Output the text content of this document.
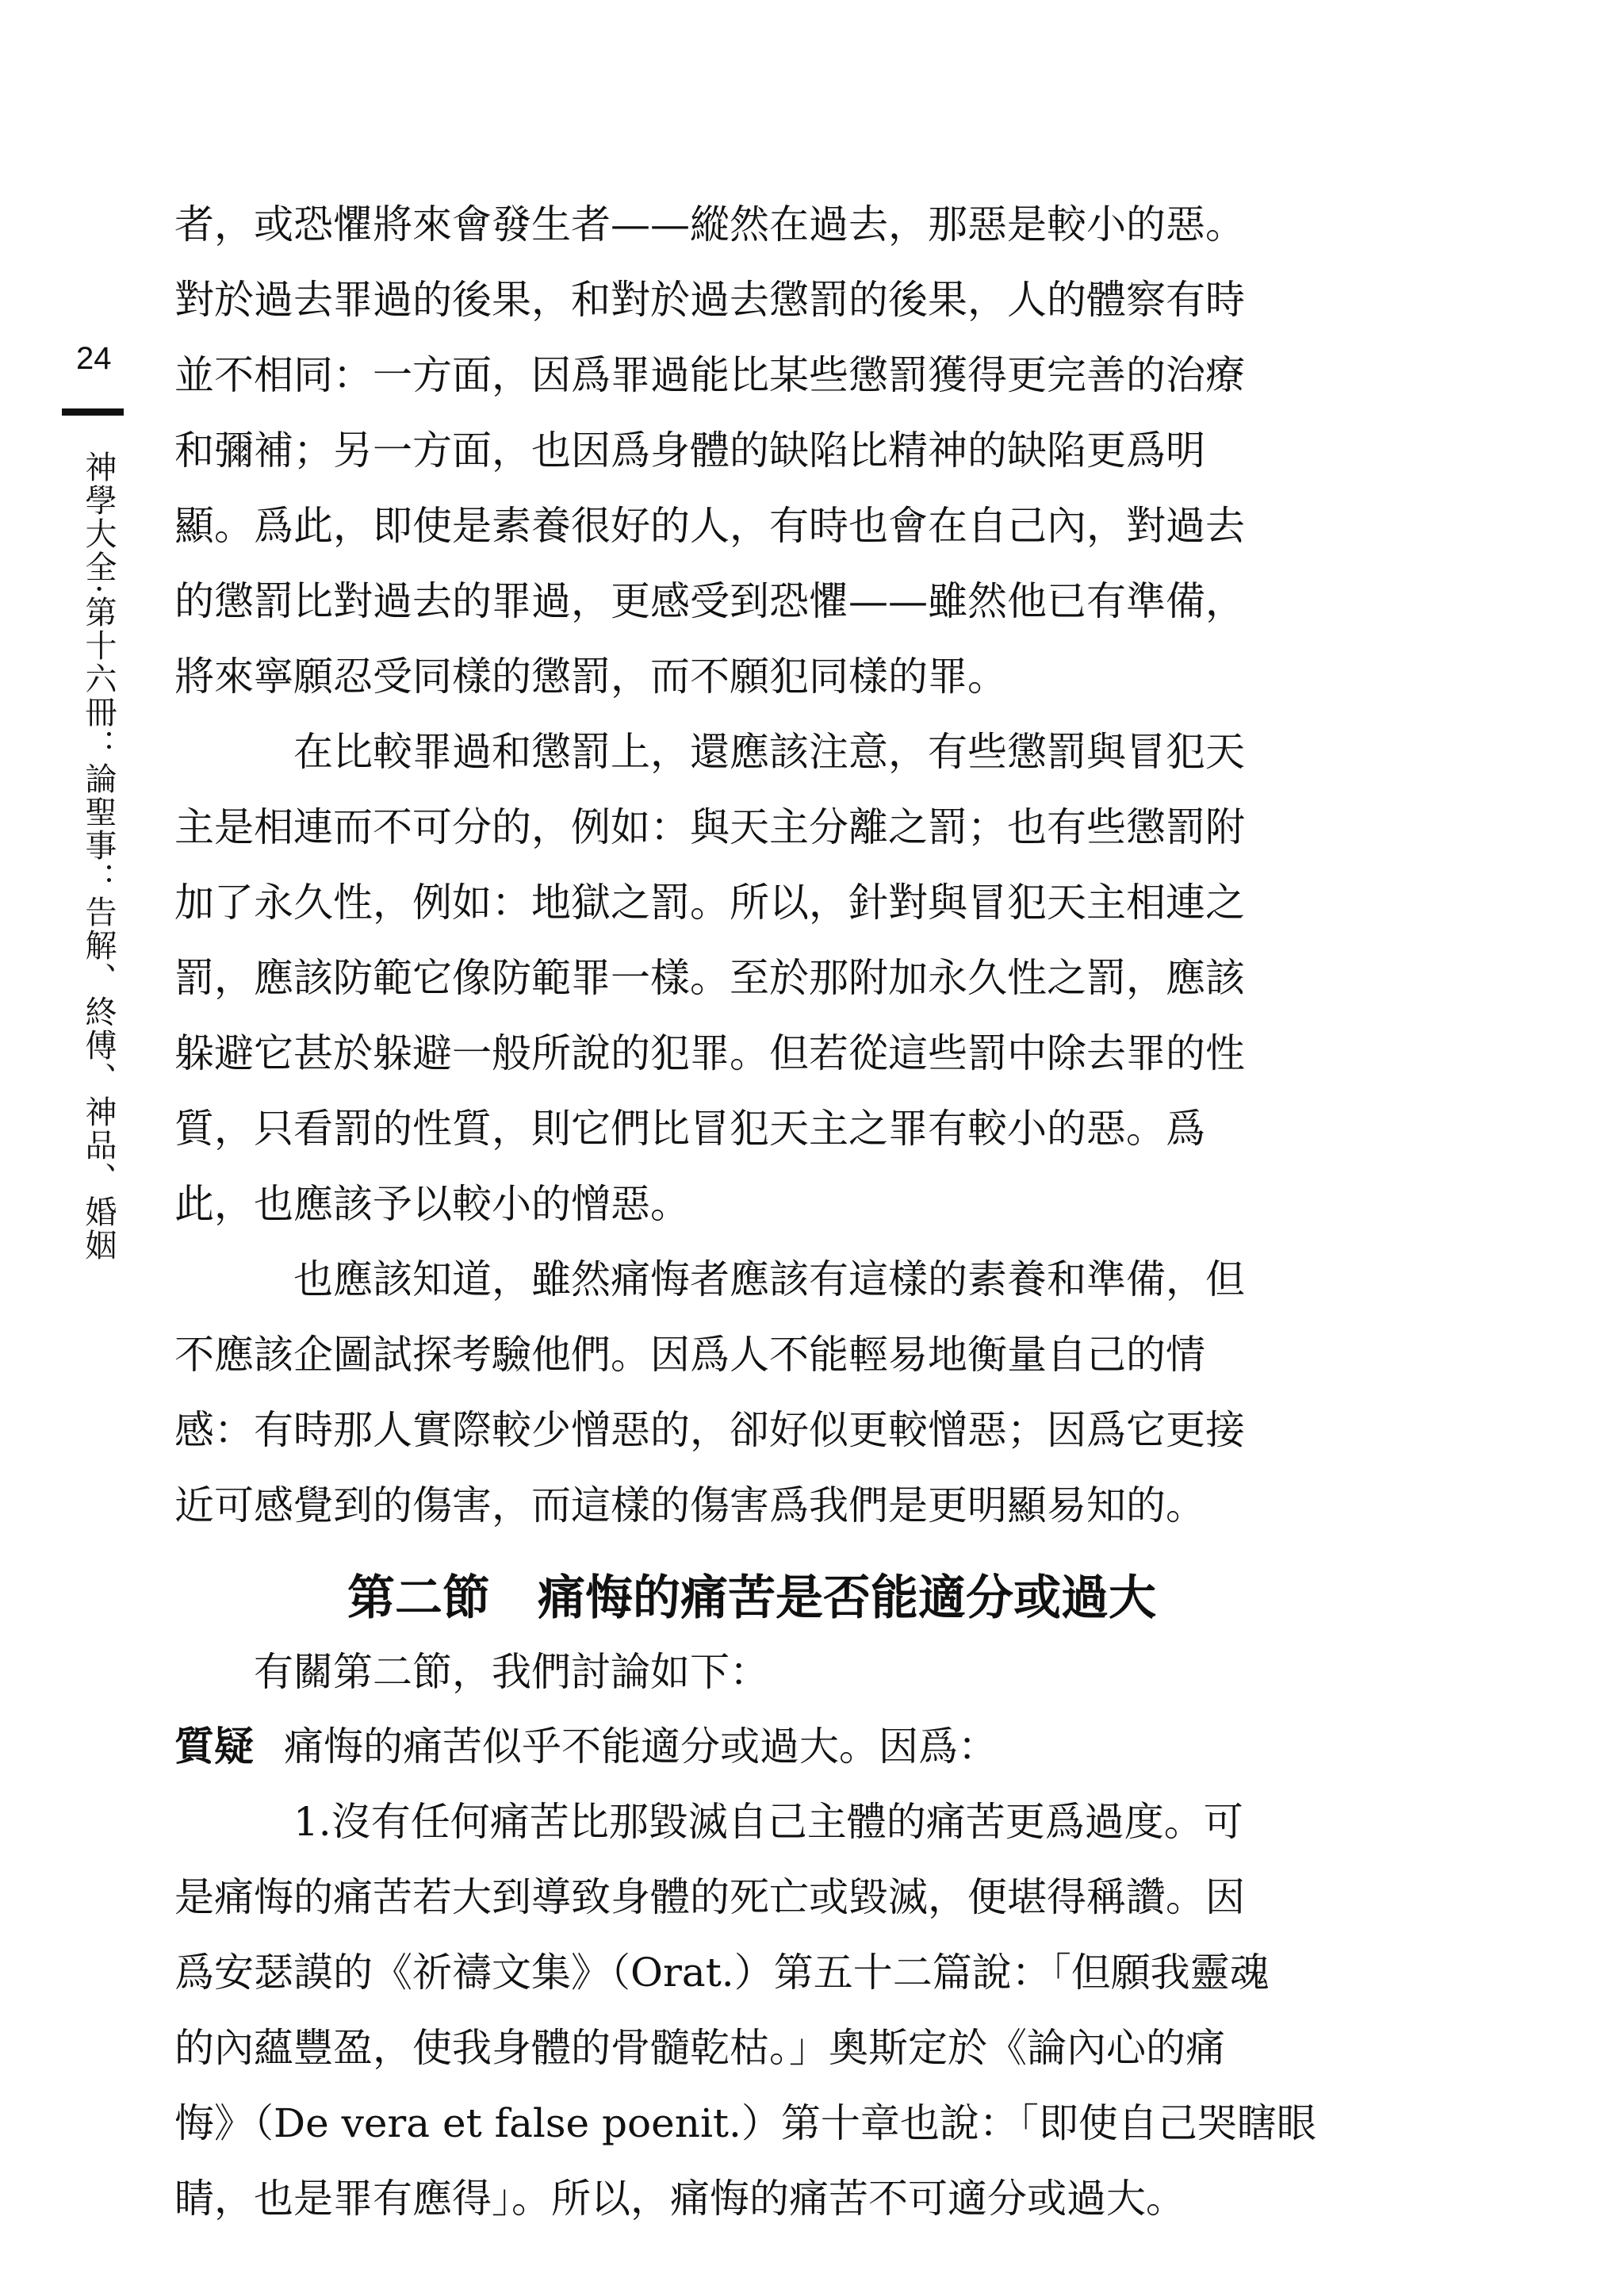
24
神學大全·第十六冊：論聖事：告解、終傅、神品、婚姻
者，或恐懼將來會發生者——縱然在過去，那惡是較小的惡。
對於過去罪過的後果，和對於過去懲罰的後果，人的體察有時
並不相同：一方面，因爲罪過能比某些懲罰獲得更完善的治療
和彌補；另一方面，也因爲身體的缺陷比精神的缺陷更爲明
顯。爲此，即使是素養很好的人，有時也會在自己內，對過去
的懲罰比對過去的罪過，更感受到恐懼——雖然他已有準備，
將來寧願忍受同樣的懲罰，而不願犯同樣的罪。
在比較罪過和懲罰上，還應該注意，有些懲罰與冒犯天
主是相連而不可分的，例如：與天主分離之罰；也有些懲罰附
加了永久性，例如：地獄之罰。所以，針對與冒犯天主相連之
罰，應該防範它像防範罪一樣。至於那附加永久性之罰，應該
躲避它甚於躲避一般所說的犯罪。但若從這些罰中除去罪的性
質，只看罰的性質，則它們比冒犯天主之罪有較小的惡。爲
此，也應該予以較小的憎惡。
也應該知道，雖然痛悔者應該有這樣的素養和準備，但
不應該企圖試探考驗他們。因爲人不能輕易地衡量自己的情
感：有時那人實際較少憎惡的，卻好似更較憎惡；因爲它更接
近可感覺到的傷害，而這樣的傷害爲我們是更明顯易知的。
第二節 痛悔的痛苦是否能適分或過大
有關第二節，我們討論如下：
質疑 痛悔的痛苦似乎不能適分或過大。因爲：
1.沒有任何痛苦比那毀滅自己主體的痛苦更爲過度。可
是痛悔的痛苦若大到導致身體的死亡或毀滅，便堪得稱讚。因
爲安瑟謨的《祈禱文集》（Orat.）第五十二篇說：「但願我靈魂
的內蘊豐盈，使我身體的骨髓乾枯。」奧斯定於《論內心的痛
悔》（De vera et false poenit.）第十章也說：「即使自己哭瞎眼
睛，也是罪有應得」。所以，痛悔的痛苦不可適分或過大。
